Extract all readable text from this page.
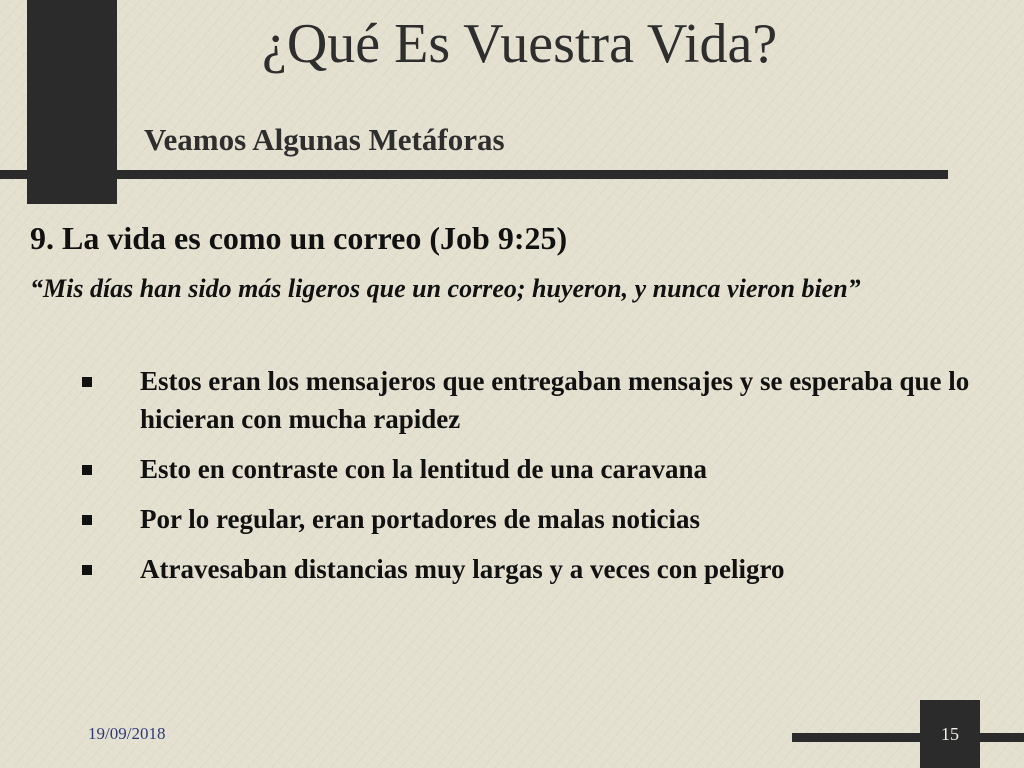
¿Qué Es Vuestra Vida?
Veamos Algunas Metáforas
9. La vida es como un correo (Job 9:25)
“Mis días han sido más ligeros que un correo; huyeron, y nunca vieron bien”
Estos eran los mensajeros que entregaban mensajes y se esperaba que lo hicieran con mucha rapidez
Esto en contraste con la lentitud de una caravana
Por lo regular, eran portadores de malas noticias
Atravesaban distancias muy largas y a veces con peligro
19/09/2018	15
